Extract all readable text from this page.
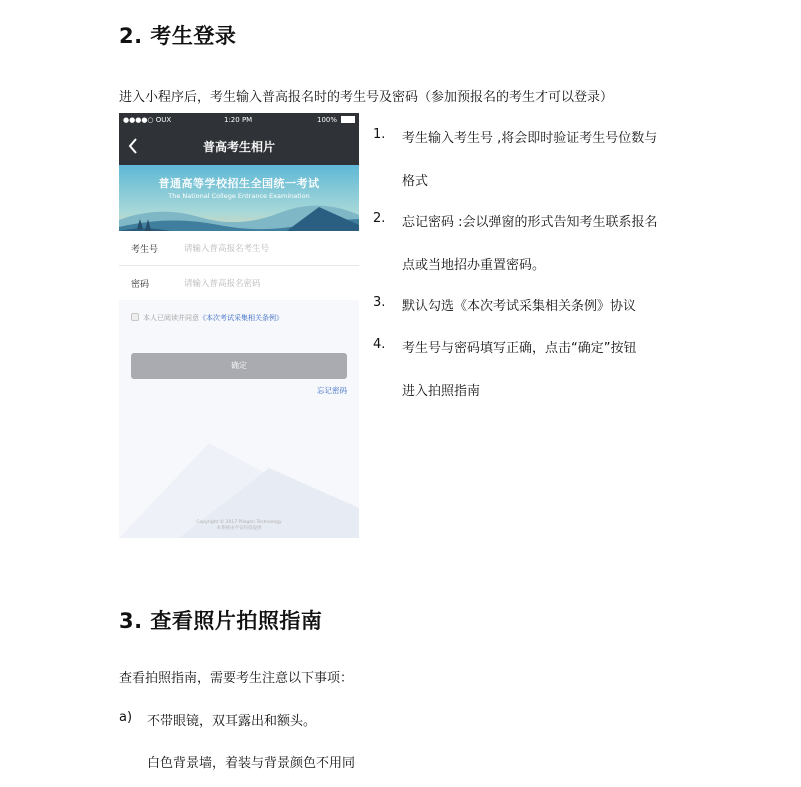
2. 考生登录
进入小程序后，考生输入普高报名时的考生号及密码（参加预报名的考生才可以登录）
●●●●○ OUX	1:20 PM	100%
普高考生相片
普通高等学校招生全国统一考试
The National College Entrance Examination
考生号	请输入普高报名考生号
密码	请输入普高报名密码
本人已阅读并同意《本次考试采集相关条例》
确定
忘记密码
Copyright © 2017 Pllegen Technology
本系统由平安科技提供
1. 考生输入考生号 ,将会即时验证考生号位数与
格式
2. 忘记密码 :会以弹窗的形式告知考生联系报名
点或当地招办重置密码。
3. 默认勾选《本次考试采集相关条例》协议
4. 考生号与密码填写正确，点击“确定”按钮
进入拍照指南
3. 查看照片拍照指南
查看拍照指南，需要考生注意以下事项：
a) 不带眼镜，双耳露出和额头。
白色背景墙，着装与背景颜色不用同
